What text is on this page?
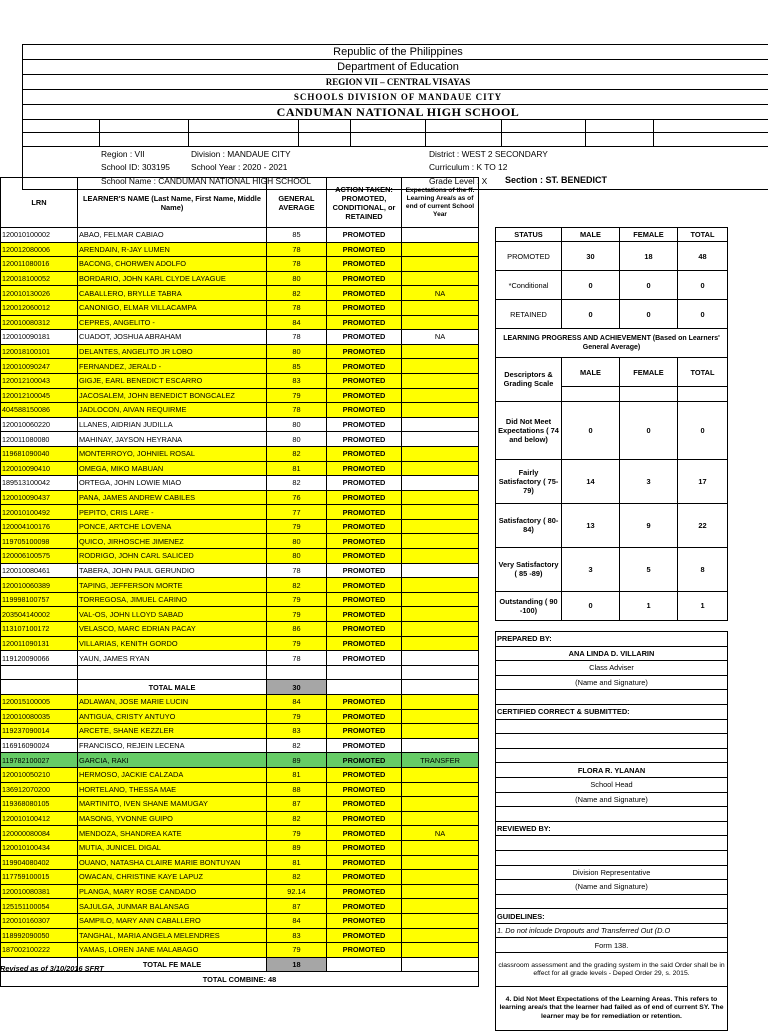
Republic of the Philippines
Department of Education
REGION VII – CENTRAL VISAYAS
SCHOOLS DIVISION OF MANDAUE CITY
CANDUMAN NATIONAL HIGH SCHOOL
Region : VII	Division : MANDAUE CITY	District : WEST 2 SECONDARY
School ID: 303195	School Year : 2020 - 2021	Curriculum : K TO 12
School Name : CANDUMAN NATIONAL HIGH SCHOOL	Grade Level : X Section : ST. BENEDICT
LRN	LEARNER'S NAME (Last Name, First Name, Middle Name)	GENERAL AVERAGE	ACTION TAKEN: PROMOTED, CONDITIONAL, or RETAINED	Expectations of the ff. Learning Area/s as of end of current School Year
120010100002	ABAO, FELMAR CABIAO	85	PROMOTED	
120012080006	ARENDAIN, R-JAY LUMEN	78	PROMOTED	
120011080016	BACONG, CHORWEN ADOLFO	78	PROMOTED	
120018100052	BORDARIO, JOHN KARL CLYDE LAYAGUE	80	PROMOTED	
120010130026	CABALLERO, BRYLLE TABRA	82	PROMOTED	NA
120012060012	CANONIGO, ELMAR VILLACAMPA	78	PROMOTED	
120010080312	CEPRES, ANGELITO -	84	PROMOTED	
120010090181	CUADOT, JOSHUA ABRAHAM	78	PROMOTED	NA
120018100101	DELANTES, ANGELITO JR LOBO	80	PROMOTED	
120010090247	FERNANDEZ, JERALD -	85	PROMOTED	
120012100043	GIGJE, EARL BENEDICT ESCARRO	83	PROMOTED	
120012100045	JACOSALEM, JOHN BENEDICT BONGCALEZ	79	PROMOTED	
404588150086	JADLOCON, AIVAN REQUIRME	78	PROMOTED	
120010060220	LLANES, AIDRIAN JUDILLA	80	PROMOTED	
120011080080	MAHINAY, JAYSON HEYRANA	80	PROMOTED	
119681090040	MONTERROYO, JOHNIEL ROSAL	82	PROMOTED	
120010090410	OMEGA, MIKO MABUAN	81	PROMOTED	
189513100042	ORTEGA, JOHN LOWIE MIAO	82	PROMOTED	
120010090437	PANA, JAMES ANDREW CABILES	76	PROMOTED	
120010100492	PEPITO, CRIS LARE -	77	PROMOTED	
120004100176	PONCE, ARTCHE LOVENA	79	PROMOTED	
119705100098	QUICO, JIRHOSCHE JIMENEZ	80	PROMOTED	
120006100575	RODRIGO, JOHN CARL SALICED	80	PROMOTED	
120010080461	TABERA, JOHN PAUL GERUNDIO	78	PROMOTED	
120010060389	TAPING, JEFFERSON MORTE	82	PROMOTED	
119998100757	TORREGOSA, JIMUEL CARINO	79	PROMOTED	
203504140002	VAL-OS, JOHN LLOYD SABAD	79	PROMOTED	
113107100172	VELASCO, MARC EDRIAN PACAY	86	PROMOTED	
120011090131	VILLARIAS, KENITH GORDO	79	PROMOTED	
119120090066	YAUN, JAMES RYAN	78	PROMOTED	

	TOTAL MALE	30		
120015100005	ADLAWAN, JOSE MARIE LUCIN	84	PROMOTED	
120010080035	ANTIGUA, CRISTY ANTUYO	79	PROMOTED	
119237090014	ARCETE, SHANE KEZZLER	83	PROMOTED	
116916090024	FRANCISCO, REJEIN LECENA	82	PROMOTED	
119782100027	GARCIA, RAKI	89	PROMOTED	TRANSFER
120010050210	HERMOSO, JACKIE CALZADA	81	PROMOTED	
136912070200	HORTELANO, THESSA MAE	88	PROMOTED	
119368080105	MARTINITO, IVEN SHANE MAMUGAY	87	PROMOTED	
120010100412	MASONG, YVONNE GUIPO	82	PROMOTED	
120000080084	MENDOZA, SHANDREA KATE	79	PROMOTED	NA
120010100434	MUTIA, JUNICEL DIGAL	89	PROMOTED	
119904080402	OUANO, NATASHA CLAIRE MARIE BONTUYAN	81	PROMOTED	
117759100015	OWACAN, CHRISTINE KAYE LAPUZ	82	PROMOTED	
120010080381	PLANGA, MARY ROSE CANDADO	92.14	PROMOTED	
125151100054	SAJULGA, JUNMAR BALANSAG	87	PROMOTED	
120010160307	SAMPILO, MARY ANN CABALLERO	84	PROMOTED	
118992090050	TANGHAL, MARIA ANGELA MELENDRES	83	PROMOTED	
187002100222	YAMAS, LOREN JANE MALABAGO	79	PROMOTED	
	TOTAL FE MALE	18		
TOTAL COMBINE: 48				

STATUS	MALE	FEMALE	TOTAL
PROMOTED	30	18	48
*Conditional	0	0	0
RETAINED	0	0	0
LEARNING PROGRESS AND ACHIEVEMENT (Based on Learners' General Average)			
Descriptors & Grading Scale	MALE	FEMALE	TOTAL

Did Not Meet Expectations ( 74 and below)	0	0	0
Fairly Satisfactory ( 75-79)	14	3	17
Satisfactory ( 80-84)	13	9	22
Very Satisfactory ( 85 -89)	3	5	8
Outstanding ( 90 -100)	0	1	1
PREPARED BY:
ANA LINDA D. VILLARIN
Class Adviser
(Name and Signature)

CERTIFIED CORRECT & SUBMITTED:

FLORA R. YLANAN
School Head
(Name and Signature)

REVIEWED BY:

Division Representative
(Name and Signature)

GUIDELINES:
1. Do not inlcude Dropouts and Transferred Out (D.O
Form 138.
classroom assessment and the grading system in the said Order shall be in effect for all grade levels - Deped Order 29, s. 2015.
4. Did Not Meet Expectations of the Learning Areas. This refers to learning area/s that the learner had failed as of end of current SY. The learner may be for remediation or retention.
Revised as of 3/10/2016 SFRT
